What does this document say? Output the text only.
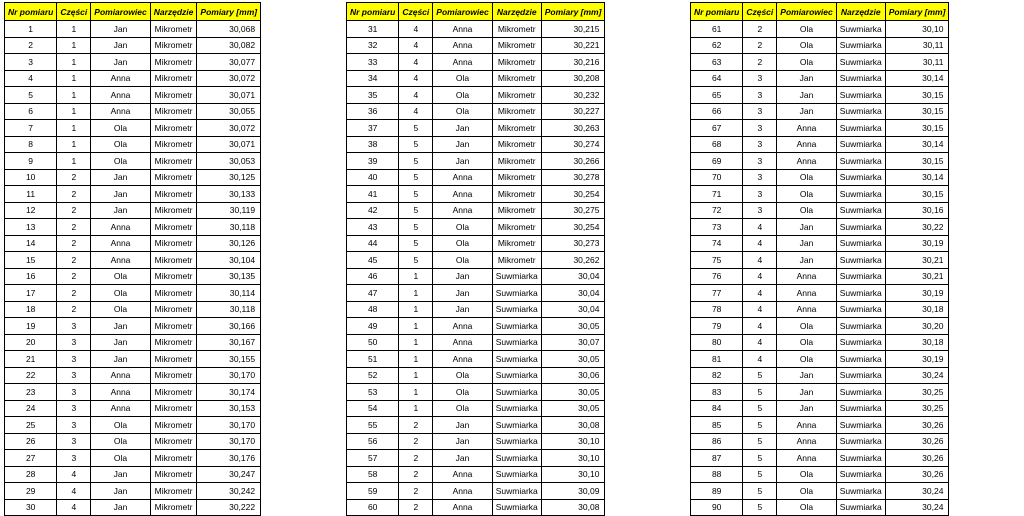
Nr pomiaru	Części	Pomiarowiec	Narzędzie	Pomiary [mm]
1	1	Jan	Mikrometr	30,068
2	1	Jan	Mikrometr	30,082
3	1	Jan	Mikrometr	30,077
4	1	Anna	Mikrometr	30,072
5	1	Anna	Mikrometr	30,071
6	1	Anna	Mikrometr	30,055
7	1	Ola	Mikrometr	30,072
8	1	Ola	Mikrometr	30,071
9	1	Ola	Mikrometr	30,053
10	2	Jan	Mikrometr	30,125
11	2	Jan	Mikrometr	30,133
12	2	Jan	Mikrometr	30,119
13	2	Anna	Mikrometr	30,118
14	2	Anna	Mikrometr	30,126
15	2	Anna	Mikrometr	30,104
16	2	Ola	Mikrometr	30,135
17	2	Ola	Mikrometr	30,114
18	2	Ola	Mikrometr	30,118
19	3	Jan	Mikrometr	30,166
20	3	Jan	Mikrometr	30,167
21	3	Jan	Mikrometr	30,155
22	3	Anna	Mikrometr	30,170
23	3	Anna	Mikrometr	30,174
24	3	Anna	Mikrometr	30,153
25	3	Ola	Mikrometr	30,170
26	3	Ola	Mikrometr	30,170
27	3	Ola	Mikrometr	30,176
28	4	Jan	Mikrometr	30,247
29	4	Jan	Mikrometr	30,242
30	4	Jan	Mikrometr	30,222
Nr pomiaru	Części	Pomiarowiec	Narzędzie	Pomiary [mm]
31	4	Anna	Mikrometr	30,215
32	4	Anna	Mikrometr	30,221
33	4	Anna	Mikrometr	30,216
34	4	Ola	Mikrometr	30,208
35	4	Ola	Mikrometr	30,232
36	4	Ola	Mikrometr	30,227
37	5	Jan	Mikrometr	30,263
38	5	Jan	Mikrometr	30,274
39	5	Jan	Mikrometr	30,266
40	5	Anna	Mikrometr	30,278
41	5	Anna	Mikrometr	30,254
42	5	Anna	Mikrometr	30,275
43	5	Ola	Mikrometr	30,254
44	5	Ola	Mikrometr	30,273
45	5	Ola	Mikrometr	30,262
46	1	Jan	Suwmiarka	30,04
47	1	Jan	Suwmiarka	30,04
48	1	Jan	Suwmiarka	30,04
49	1	Anna	Suwmiarka	30,05
50	1	Anna	Suwmiarka	30,07
51	1	Anna	Suwmiarka	30,05
52	1	Ola	Suwmiarka	30,06
53	1	Ola	Suwmiarka	30,05
54	1	Ola	Suwmiarka	30,05
55	2	Jan	Suwmiarka	30,08
56	2	Jan	Suwmiarka	30,10
57	2	Jan	Suwmiarka	30,10
58	2	Anna	Suwmiarka	30,10
59	2	Anna	Suwmiarka	30,09
60	2	Anna	Suwmiarka	30,08
Nr pomiaru	Części	Pomiarowiec	Narzędzie	Pomiary [mm]
61	2	Ola	Suwmiarka	30,10
62	2	Ola	Suwmiarka	30,11
63	2	Ola	Suwmiarka	30,11
64	3	Jan	Suwmiarka	30,14
65	3	Jan	Suwmiarka	30,15
66	3	Jan	Suwmiarka	30,15
67	3	Anna	Suwmiarka	30,15
68	3	Anna	Suwmiarka	30,14
69	3	Anna	Suwmiarka	30,15
70	3	Ola	Suwmiarka	30,14
71	3	Ola	Suwmiarka	30,15
72	3	Ola	Suwmiarka	30,16
73	4	Jan	Suwmiarka	30,22
74	4	Jan	Suwmiarka	30,19
75	4	Jan	Suwmiarka	30,21
76	4	Anna	Suwmiarka	30,21
77	4	Anna	Suwmiarka	30,19
78	4	Anna	Suwmiarka	30,18
79	4	Ola	Suwmiarka	30,20
80	4	Ola	Suwmiarka	30,18
81	4	Ola	Suwmiarka	30,19
82	5	Jan	Suwmiarka	30,24
83	5	Jan	Suwmiarka	30,25
84	5	Jan	Suwmiarka	30,25
85	5	Anna	Suwmiarka	30,26
86	5	Anna	Suwmiarka	30,26
87	5	Anna	Suwmiarka	30,26
88	5	Ola	Suwmiarka	30,26
89	5	Ola	Suwmiarka	30,24
90	5	Ola	Suwmiarka	30,24
